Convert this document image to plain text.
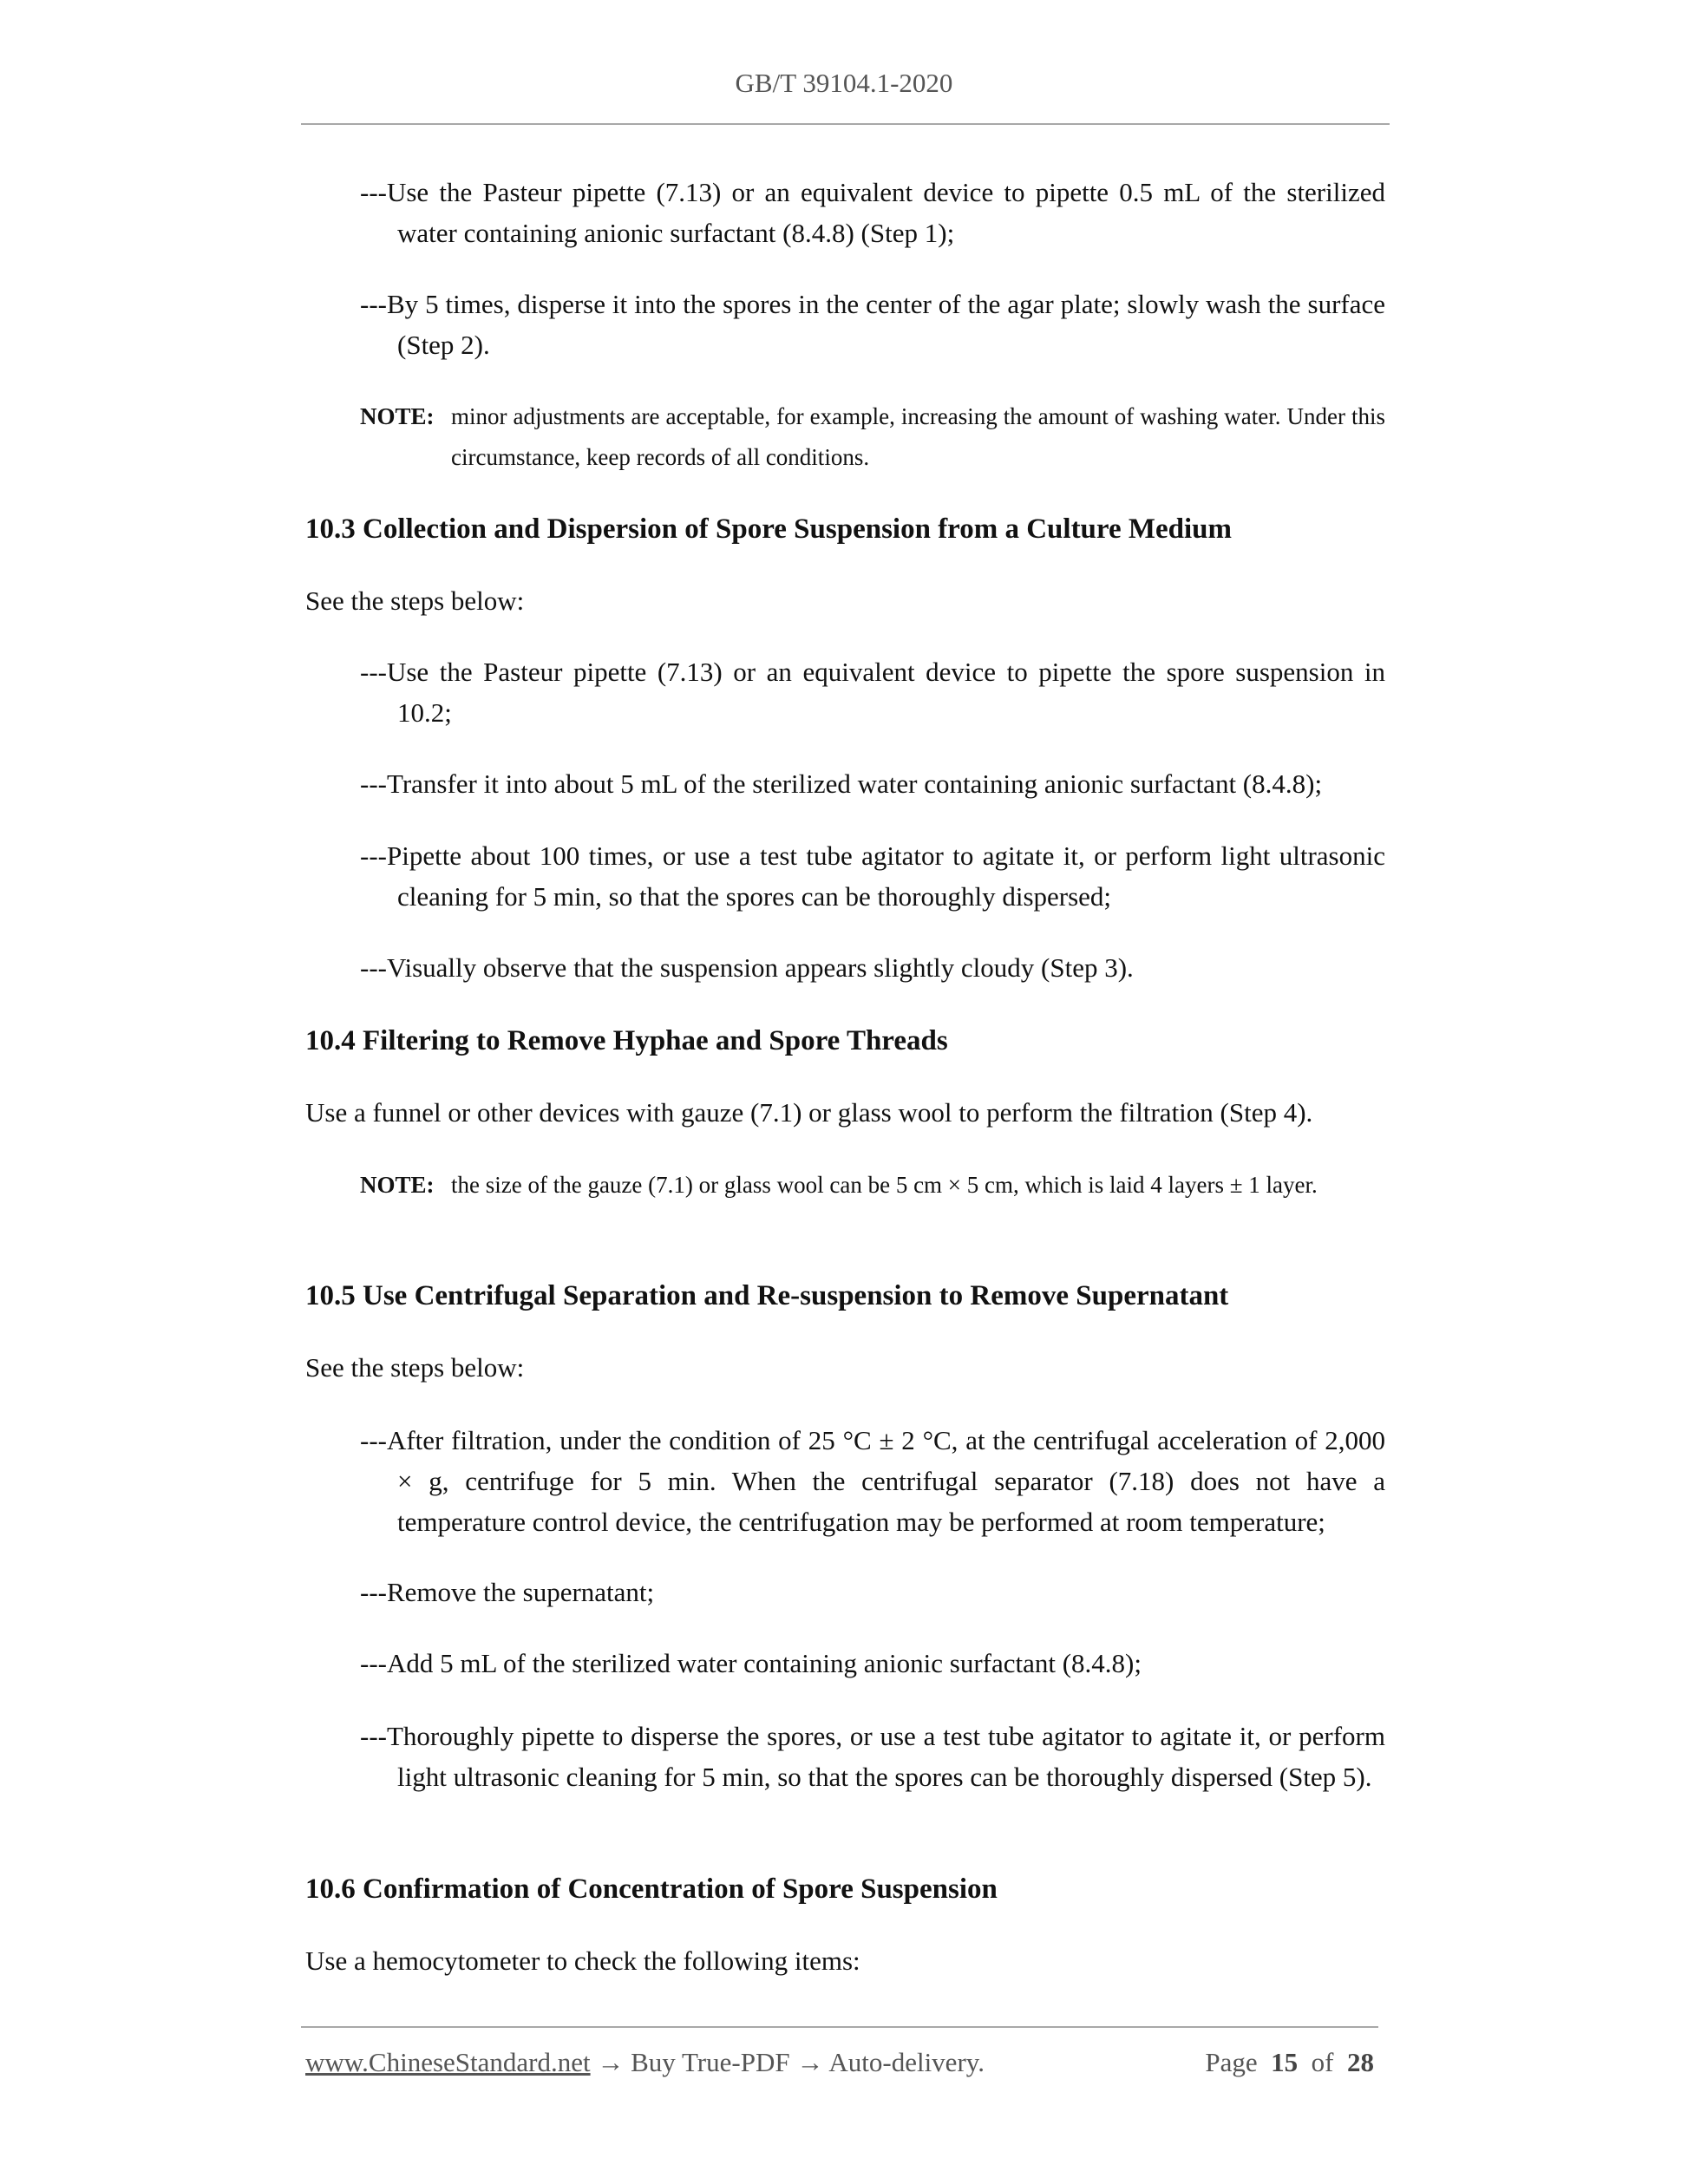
GB/T 39104.1-2020
---Use the Pasteur pipette (7.13) or an equivalent device to pipette 0.5 mL of the sterilized water containing anionic surfactant (8.4.8) (Step 1);
---By 5 times, disperse it into the spores in the center of the agar plate; slowly wash the surface (Step 2).
NOTE: minor adjustments are acceptable, for example, increasing the amount of washing water. Under this circumstance, keep records of all conditions.
10.3 Collection and Dispersion of Spore Suspension from a Culture Medium
See the steps below:
---Use the Pasteur pipette (7.13) or an equivalent device to pipette the spore suspension in 10.2;
---Transfer it into about 5 mL of the sterilized water containing anionic surfactant (8.4.8);
---Pipette about 100 times, or use a test tube agitator to agitate it, or perform light ultrasonic cleaning for 5 min, so that the spores can be thoroughly dispersed;
---Visually observe that the suspension appears slightly cloudy (Step 3).
10.4 Filtering to Remove Hyphae and Spore Threads
Use a funnel or other devices with gauze (7.1) or glass wool to perform the filtration (Step 4).
NOTE: the size of the gauze (7.1) or glass wool can be 5 cm × 5 cm, which is laid 4 layers ± 1 layer.
10.5 Use Centrifugal Separation and Re-suspension to Remove Supernatant
See the steps below:
---After filtration, under the condition of 25 °C ± 2 °C, at the centrifugal acceleration of 2,000 × g, centrifuge for 5 min. When the centrifugal separator (7.18) does not have a temperature control device, the centrifugation may be performed at room temperature;
---Remove the supernatant;
---Add 5 mL of the sterilized water containing anionic surfactant (8.4.8);
---Thoroughly pipette to disperse the spores, or use a test tube agitator to agitate it, or perform light ultrasonic cleaning for 5 min, so that the spores can be thoroughly dispersed (Step 5).
10.6 Confirmation of Concentration of Spore Suspension
Use a hemocytometer to check the following items:
www.ChineseStandard.net → Buy True-PDF → Auto-delivery.	Page 15 of 28
